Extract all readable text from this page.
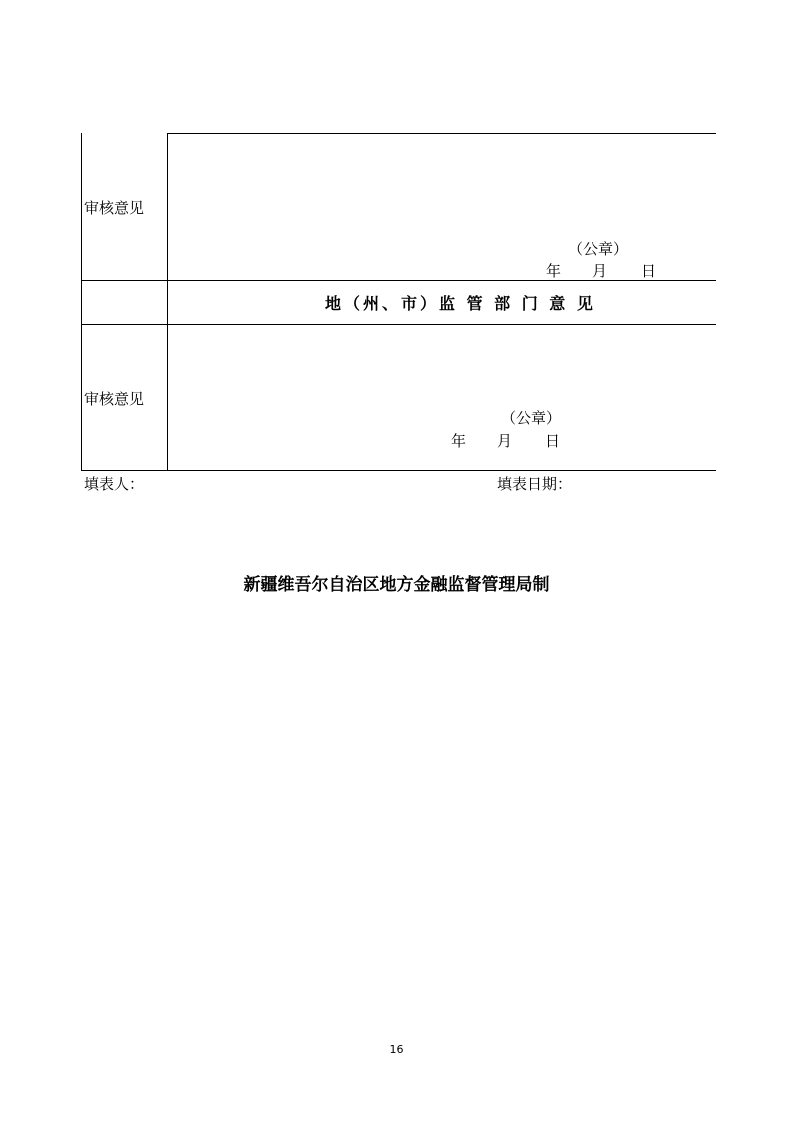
审核意见
（公章）
年 月 日
地（州、市）监 管 部 门 意 见
审核意见
（公章）
年 月 日
填表人：	填表日期：
新疆维吾尔自治区地方金融监督管理局制
16
